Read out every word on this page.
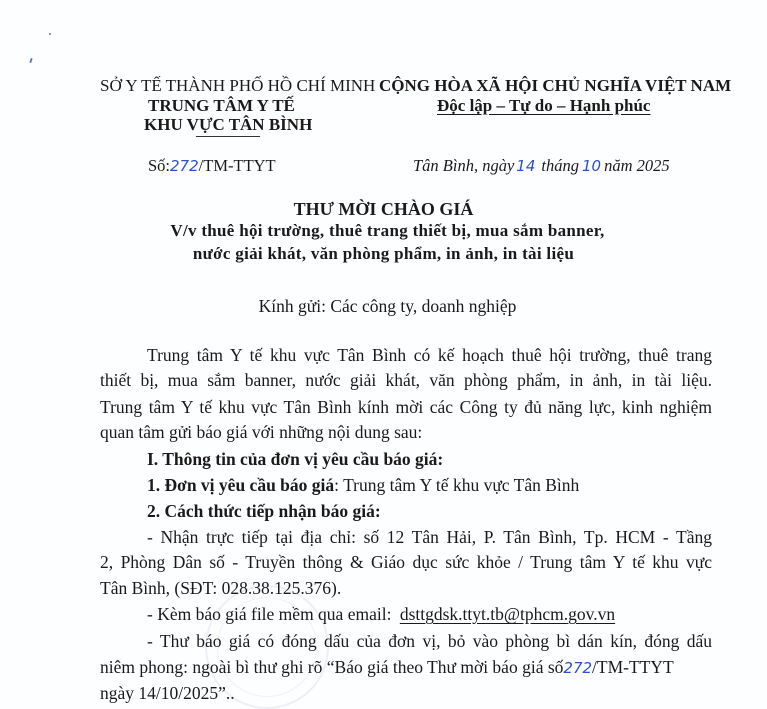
SỞ Y TẾ THÀNH PHỐ HỒ CHÍ MINH
TRUNG TÂM Y TẾ
KHU VỰC TÂN BÌNH
CỘNG HÒA XÃ HỘI CHỦ NGHĨA VIỆT NAM
Độc lập – Tự do – Hạnh phúc
Số:272/TM-TTYT	Tân Bình, ngày 14 tháng 10 năm 2025
THƯ MỜI CHÀO GIÁ
V/v thuê hội trường, thuê trang thiết bị, mua sắm banner,
nước giải khát, văn phòng phẩm, in ảnh, in tài liệu
Kính gửi: Các công ty, doanh nghiệp
Trung tâm Y tế khu vực Tân Bình có kế hoạch thuê hội trường, thuê trang
thiết bị, mua sắm banner, nước giải khát, văn phòng phẩm, in ảnh, in tài liệu.
Trung tâm Y tế khu vực Tân Bình kính mời các Công ty đủ năng lực, kinh nghiệm
quan tâm gửi báo giá với những nội dung sau:
I. Thông tin của đơn vị yêu cầu báo giá:
1. Đơn vị yêu cầu báo giá: Trung tâm Y tế khu vực Tân Bình
2. Cách thức tiếp nhận báo giá:
- Nhận trực tiếp tại địa chỉ: số 12 Tân Hải, P. Tân Bình, Tp. HCM - Tầng
2, Phòng Dân số - Truyền thông & Giáo dục sức khỏe / Trung tâm Y tế khu vực
Tân Bình, (SĐT: 028.38.125.376).
- Kèm báo giá file mềm qua email: dsttgdsk.ttyt.tb@tphcm.gov.vn
- Thư báo giá có đóng dấu của đơn vị, bỏ vào phòng bì dán kín, đóng dấu
niêm phong: ngoài bì thư ghi rõ “Báo giá theo Thư mời báo giá số272/TM-TTYT
ngày 14/10/2025”..
